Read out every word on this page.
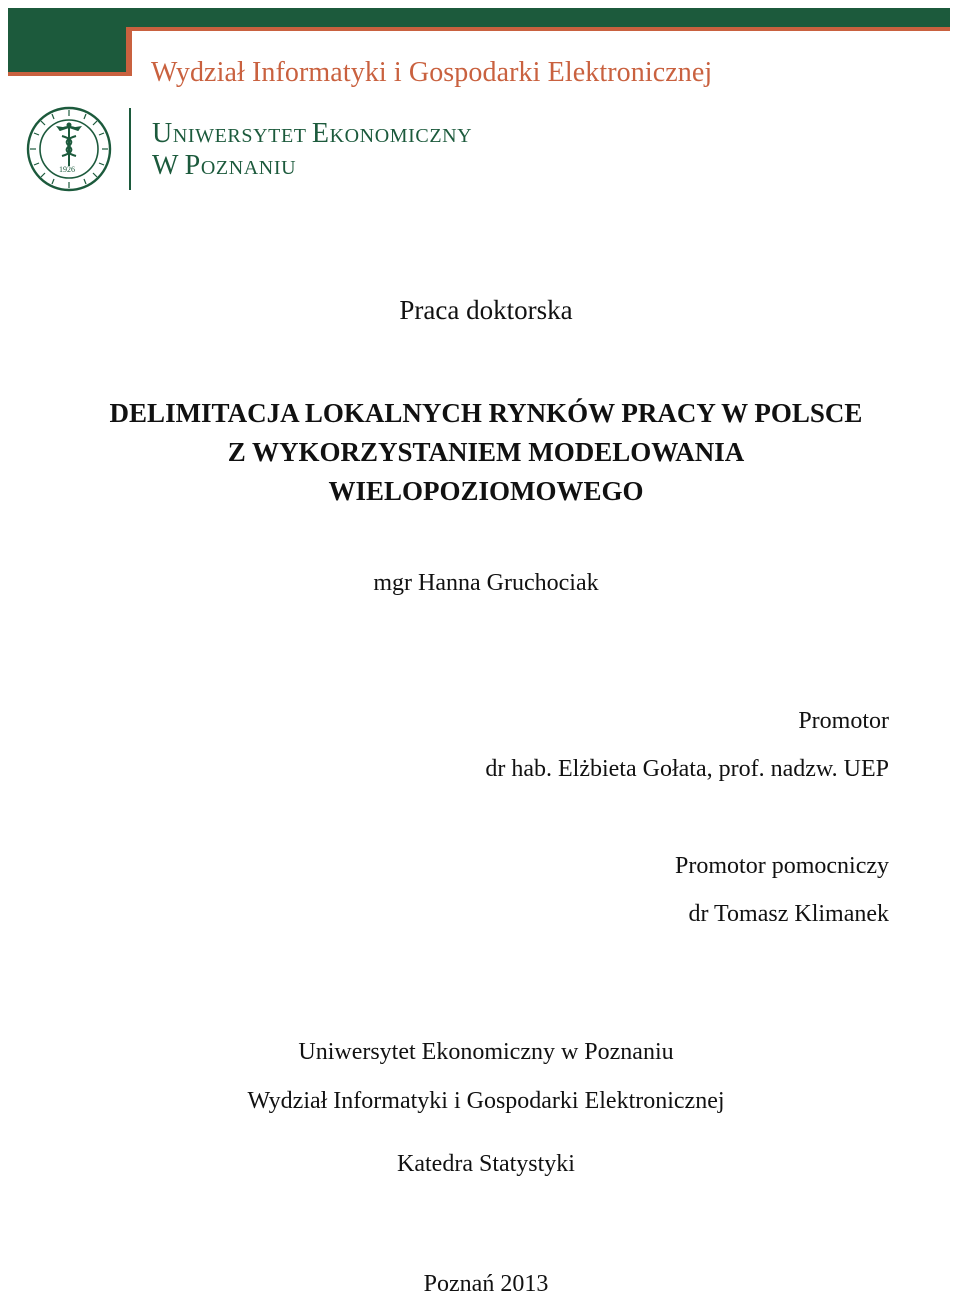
Wydział Informatyki i Gospodarki Elektronicznej
1926
UNIWERSYTET EKONOMICZNY
W POZNANIU
Praca doktorska
DELIMITACJA LOKALNYCH RYNKÓW PRACY W POLSCE
Z WYKORZYSTANIEM MODELOWANIA
WIELOPOZIOMOWEGO
mgr Hanna Gruchociak
Promotor
dr hab. Elżbieta Gołata, prof. nadzw. UEP
Promotor pomocniczy
dr Tomasz Klimanek
Uniwersytet Ekonomiczny w Poznaniu
Wydział Informatyki i Gospodarki Elektronicznej
Katedra Statystyki
Poznań 2013
